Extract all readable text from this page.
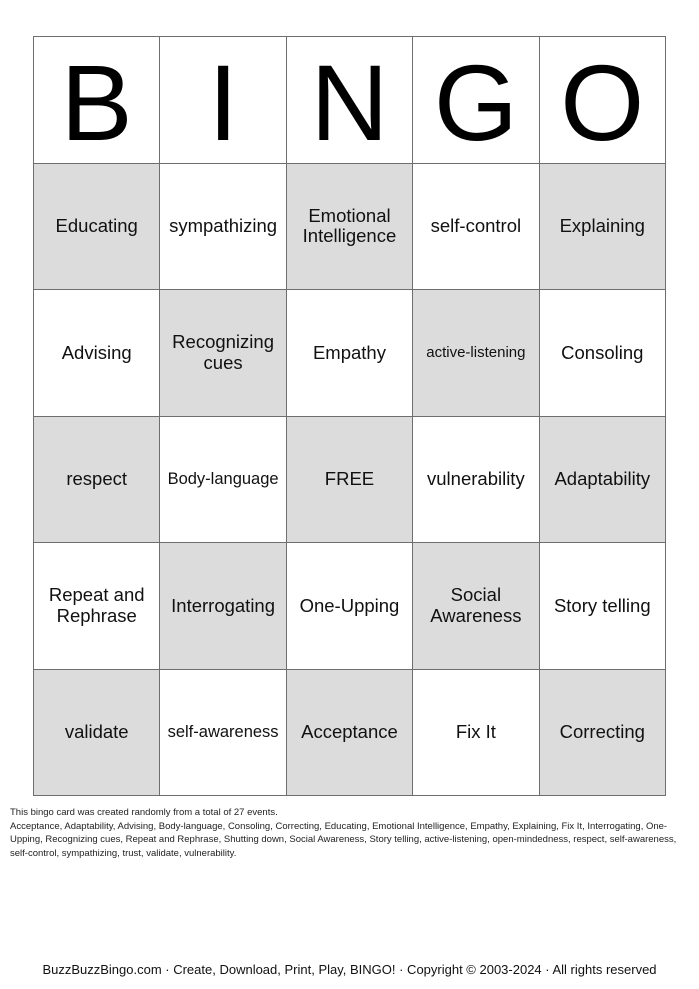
B	I	N	G	O
Educating	sympathizing	Emotional Intelligence	self-control	Explaining
Advising	Recognizing cues	Empathy	active-listening	Consoling
respect	Body-language	FREE	vulnerability	Adaptability
Repeat and Rephrase	Interrogating	One-Upping	Social Awareness	Story telling
validate	self-awareness	Acceptance	Fix It	Correcting
This bingo card was created randomly from a total of 27 events.
Acceptance, Adaptability, Advising, Body-language, Consoling, Correcting, Educating, Emotional Intelligence, Empathy, Explaining, Fix It, Interrogating, One-Upping, Recognizing cues, Repeat and Rephrase, Shutting down, Social Awareness, Story telling, active-listening, open-mindedness, respect, self-awareness, self-control, sympathizing, trust, validate, vulnerability.
BuzzBuzzBingo.com · Create, Download, Print, Play, BINGO! · Copyright © 2003-2024 · All rights reserved
